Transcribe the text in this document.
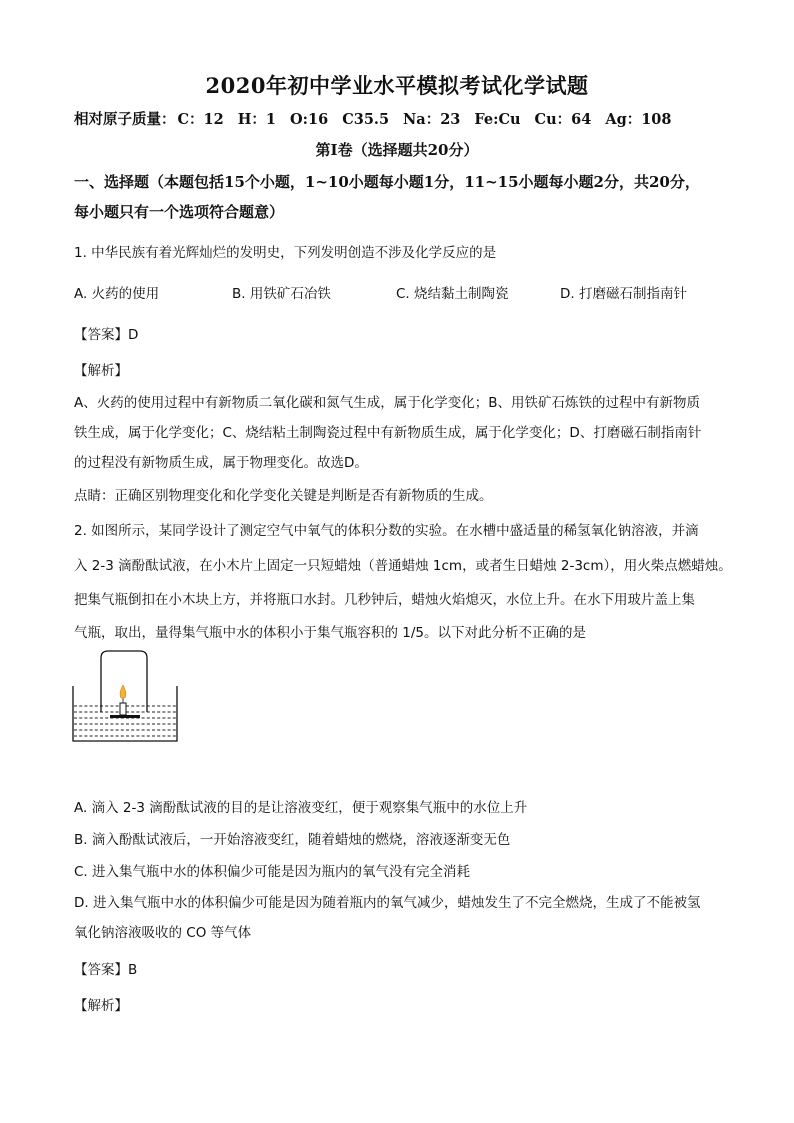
2020年初中学业水平模拟考试化学试题
相对原子质量： C：12 H：1 O:16 C35.5 Na：23 Fe:Cu Cu：64 Ag：108
第Ⅰ卷（选择题共20分）
一、选择题（本题包括15个小题，1~10小题每小题1分，11~15小题每小题2分，共20分，
每小题只有一个选项符合题意）
1. 中华民族有着光辉灿烂的发明史，下列发明创造不涉及化学反应的是
A. 火药的使用	B. 用铁矿石冶铁	C. 烧结黏土制陶瓷	D. 打磨磁石制指南针
【答案】D
【解析】
A、火药的使用过程中有新物质二氧化碳和氮气生成，属于化学变化；B、用铁矿石炼铁的过程中有新物质
铁生成，属于化学变化；C、烧结粘土制陶瓷过程中有新物质生成，属于化学变化；D、打磨磁石制指南针
的过程没有新物质生成，属于物理变化。故选D。
点睛：正确区别物理变化和化学变化关键是判断是否有新物质的生成。
2. 如图所示，某同学设计了测定空气中氧气的体积分数的实验。在水槽中盛适量的稀氢氧化钠溶液，并滴
入 2-3 滴酚酞试液，在小木片上固定一只短蜡烛（普通蜡烛 1cm，或者生日蜡烛 2-3cm），用火柴点燃蜡烛。
把集气瓶倒扣在小木块上方，并将瓶口水封。几秒钟后，蜡烛火焰熄灭，水位上升。在水下用玻片盖上集
气瓶，取出，量得集气瓶中水的体积小于集气瓶容积的 1/5。以下对此分析不正确的是
A. 滴入 2-3 滴酚酞试液的目的是让溶液变红，便于观察集气瓶中的水位上升
B. 滴入酚酞试液后，一开始溶液变红，随着蜡烛的燃烧，溶液逐渐变无色
C. 进入集气瓶中水的体积偏少可能是因为瓶内的氧气没有完全消耗
D. 进入集气瓶中水的体积偏少可能是因为随着瓶内的氧气减少，蜡烛发生了不完全燃烧，生成了不能被氢
氧化钠溶液吸收的 CO 等气体
【答案】B
【解析】
